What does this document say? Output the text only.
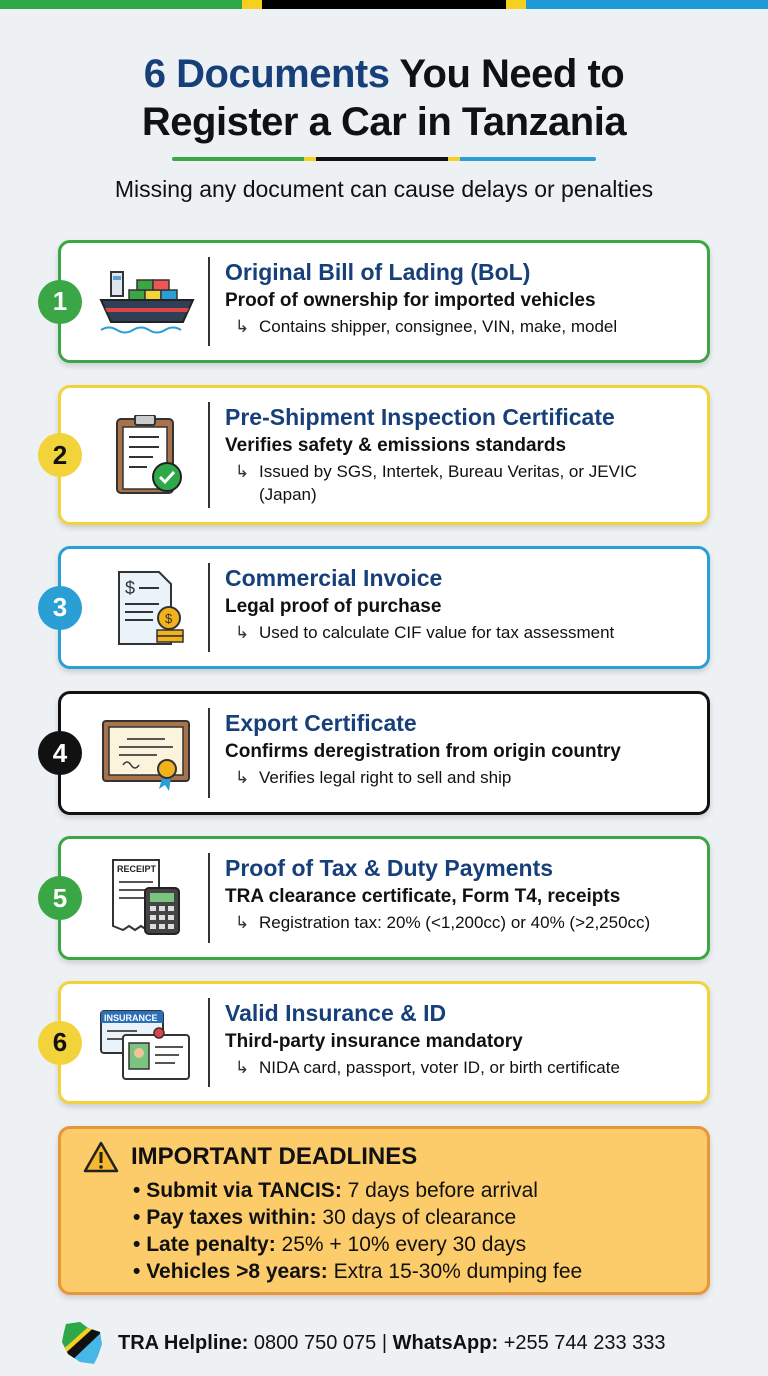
6 Documents You Need to
Register a Car in Tanzania

Missing any document can cause delays or penalties

1
Original Bill of Lading (BoL)
Proof of ownership for imported vehicles
↳ Contains shipper, consignee, VIN, make, model
2
Pre-Shipment Inspection Certificate
Verifies safety & emissions standards
↳ Issued by SGS, Intertek, Bureau Veritas, or JEVIC (Japan)
3
$
$
Commercial Invoice
Legal proof of purchase
↳ Used to calculate CIF value for tax assessment
4
Export Certificate
Confirms deregistration from origin country
↳ Verifies legal right to sell and ship
5
RECEIPT	Proof of Tax & Duty Payments
TRA clearance certificate, Form T4, receipts
↳ Registration tax: 20% (<1,200cc) or 40% (>2,250cc)
6
INSURANCE	Valid Insurance & ID
Third-party insurance mandatory
↳ NIDA card, passport, voter ID, or birth certificate
IMPORTANT DEADLINES
• Submit via TANCIS: 7 days before arrival
• Pay taxes within: 30 days of clearance
• Late penalty: 25% + 10% every 30 days
• Vehicles >8 years: Extra 15-30% dumping fee
TRA Helpline: 0800 750 075 | WhatsApp: +255 744 233 333
